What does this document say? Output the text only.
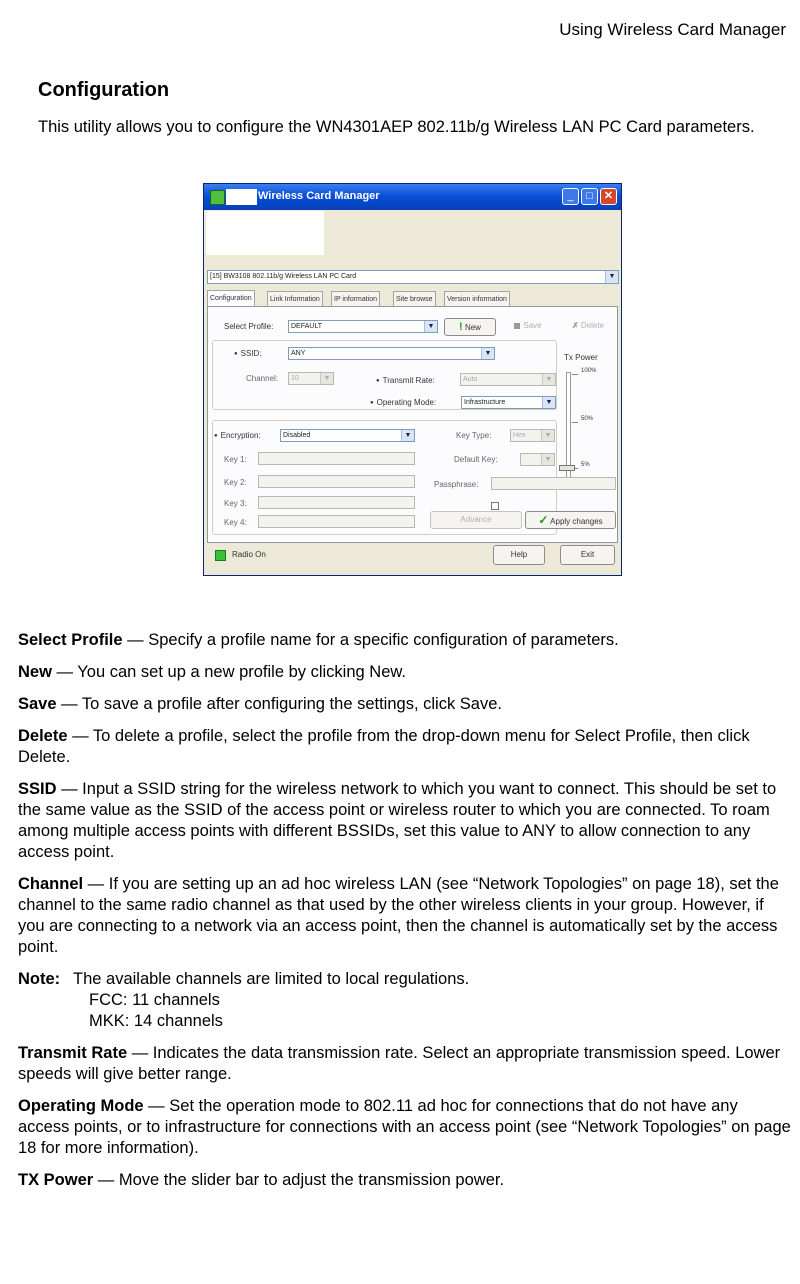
Using Wireless Card Manager
Configuration

This utility allows you to configure the WN4301AEP 802.11b/g Wireless LAN PC Card parameters.

Wireless Card Manager	_	□	✕
[15] BW3108 802.11b/g Wireless LAN PC Card	▼
Configuration	Link Information	IP information	Site browse	Version information
Select Profile:	DEFAULT	▼	! New	Save	✗ Delete
● SSID:	ANY	▼
Channel:	10	▼	● Transmit Rate:	Auto	▼
● Operating Mode:	Infrastructure	▼
Tx Power
100%
50%
5%
● Encryption:	Disabled	▼	Key Type:	Hex	▼
Default Key:	▼
Key 1:
Key 2:
Key 3:
Key 4:
Passphrase:
Advance	✓ Apply changes
Radio On	Help	Exit

Select Profile — Specify a profile name for a specific configuration of parameters.

New — You can set up a new profile by clicking New.

Save — To save a profile after configuring the settings, click Save.

Delete — To delete a profile, select the profile from the drop-down menu for Select Profile, then click Delete.

SSID — Input a SSID string for the wireless network to which you want to connect. This should be set to the same value as the SSID of the access point or wireless router to which you are connected. To roam among multiple access points with different BSSIDs, set this value to ANY to allow connection to any access point.

Channel — If you are setting up an ad hoc wireless LAN (see “Network Topologies” on page 18), set the channel to the same radio channel as that used by the other wireless clients in your group. However, if you are connecting to a network via an access point, then the channel is automatically set by the access point.

Note: The available channels are limited to local regulations.
FCC: 11 channels
MKK: 14 channels

Transmit Rate — Indicates the data transmission rate. Select an appropriate transmission speed. Lower speeds will give better range.

Operating Mode — Set the operation mode to 802.11 ad hoc for connections that do not have any access points, or to infrastructure for connections with an access point (see “Network Topologies” on page 18 for more information).

TX Power — Move the slider bar to adjust the transmission power.
